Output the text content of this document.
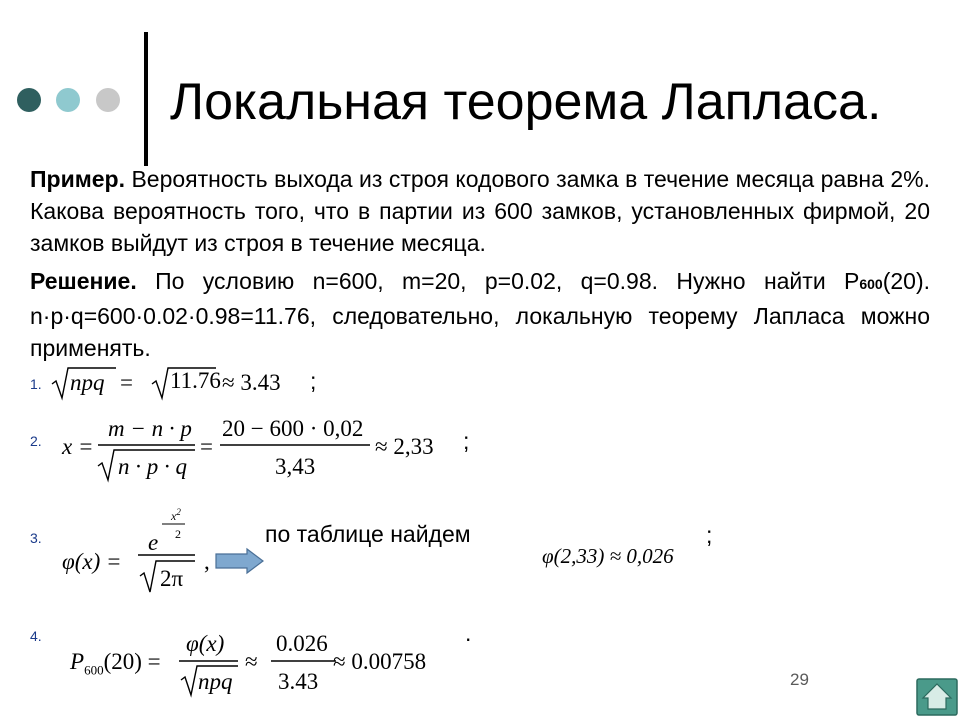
Локальная теорема Лапласа.
Пример. Вероятность выхода из строя кодового замка в течение месяца равна 2%. Какова вероятность того, что в партии из 600 замков, установленных фирмой, 20 замков выйдут из строя в течение месяца.
Решение. По условию n=600, m=20, p=0.02, q=0.98. Нужно найти Р600(20). n·p·q=600·0.02·0.98=11.76, следовательно, локальную теорему Лапласа можно применять.
1.
2.
3.
4.
npq = 11.76 ≈ 3.43 ;
x =
m − n · p
n · p · q
=
20 − 600 · 0,02
3,43
≈ 2,33 ;
φ(x) =
e
$x^2$
2
2π
,
по таблице найдем
φ(2,33) ≈ 0,026
;
$P_{600}(20)$ =
φ(x)
npq
≈
0.026
3.43
≈ 0.00758
.
29
